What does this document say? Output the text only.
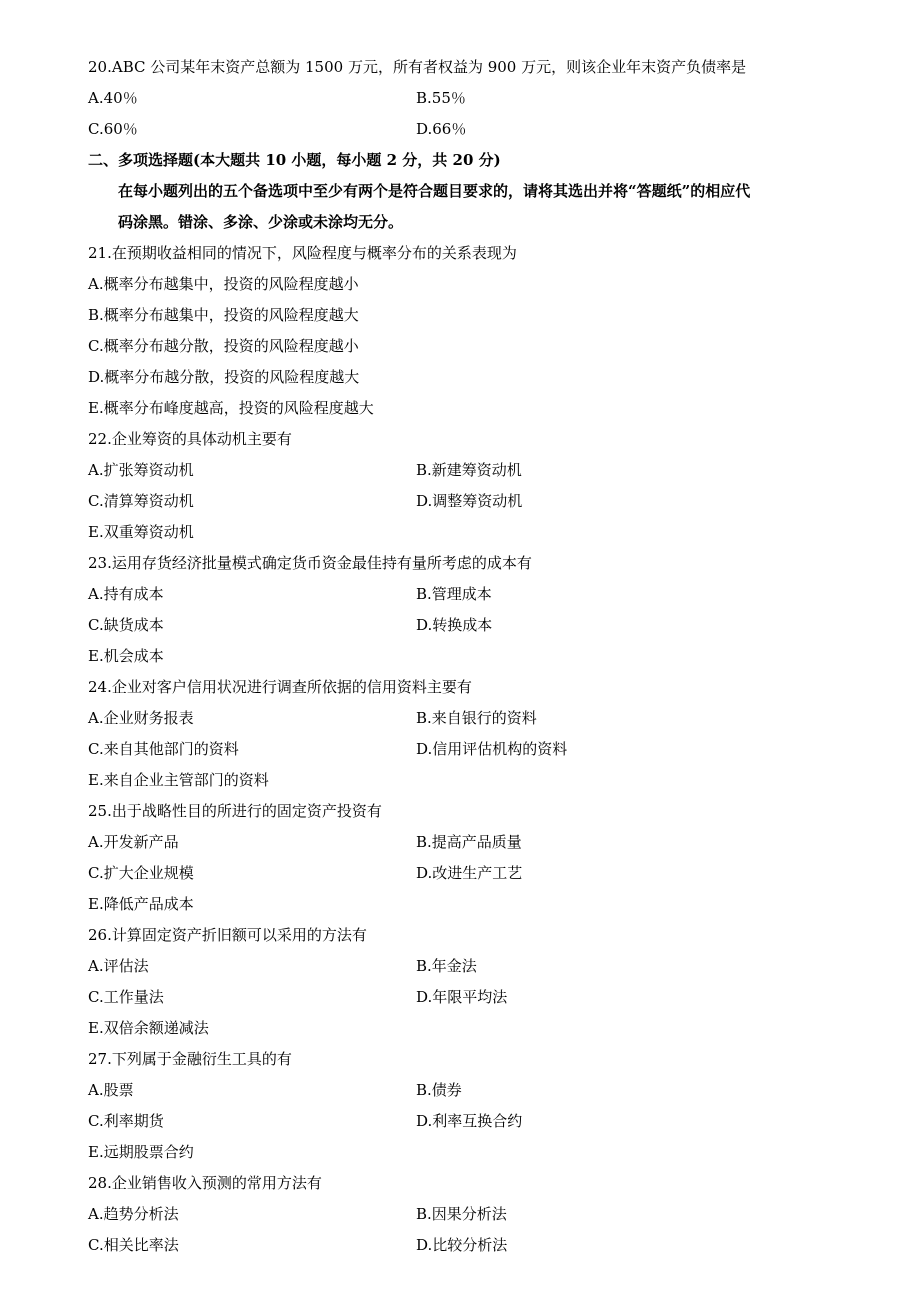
20.ABC 公司某年末资产总额为 1500 万元，所有者权益为 900 万元，则该企业年末资产负债率是
A.40％	B.55％
C.60％	D.66％
二、多项选择题(本大题共 10 小题，每小题 2 分，共 20 分)
在每小题列出的五个备选项中至少有两个是符合题目要求的，请将其选出并将“答题纸”的相应代
码涂黑。错涂、多涂、少涂或未涂均无分。
21.在预期收益相同的情况下，风险程度与概率分布的关系表现为
A.概率分布越集中，投资的风险程度越小
B.概率分布越集中，投资的风险程度越大
C.概率分布越分散，投资的风险程度越小
D.概率分布越分散，投资的风险程度越大
E.概率分布峰度越高，投资的风险程度越大
22.企业筹资的具体动机主要有
A.扩张筹资动机	B.新建筹资动机
C.清算筹资动机	D.调整筹资动机
E.双重筹资动机
23.运用存货经济批量模式确定货币资金最佳持有量所考虑的成本有
A.持有成本	B.管理成本
C.缺货成本	D.转换成本
E.机会成本
24.企业对客户信用状况进行调查所依据的信用资料主要有
A.企业财务报表	B.来自银行的资料
C.来自其他部门的资料	D.信用评估机构的资料
E.来自企业主管部门的资料
25.出于战略性目的所进行的固定资产投资有
A.开发新产品	B.提高产品质量
C.扩大企业规模	D.改进生产工艺
E.降低产品成本
26.计算固定资产折旧额可以采用的方法有
A.评估法	B.年金法
C.工作量法	D.年限平均法
E.双倍余额递减法
27.下列属于金融衍生工具的有
A.股票	B.债券
C.利率期货	D.利率互换合约
E.远期股票合约
28.企业销售收入预测的常用方法有
A.趋势分析法	B.因果分析法
C.相关比率法	D.比较分析法
